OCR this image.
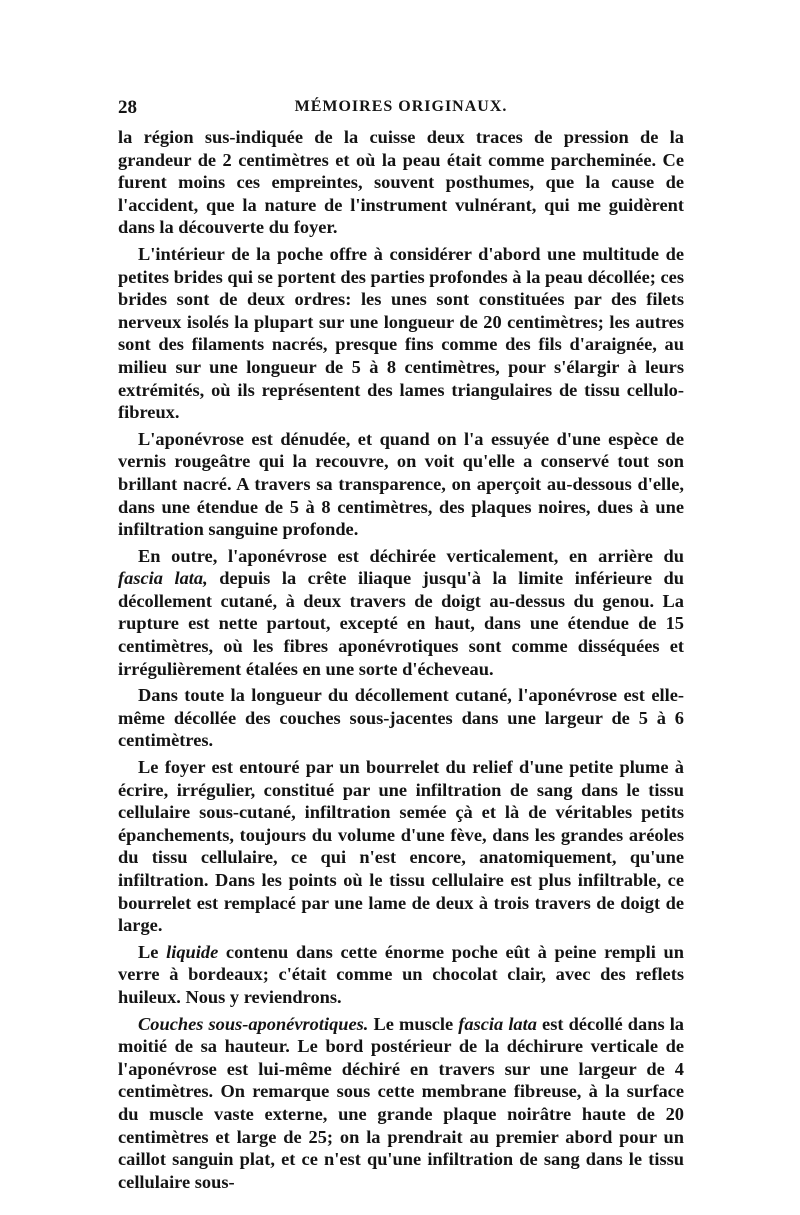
28	MÉMOIRES ORIGINAUX.

la région sus-indiquée de la cuisse deux traces de pression de la grandeur de 2 centimètres et où la peau était comme parcheminée. Ce furent moins ces empreintes, souvent posthumes, que la cause de l'accident, que la nature de l'instrument vulnérant, qui me guidèrent dans la découverte du foyer.

L'intérieur de la poche offre à considérer d'abord une multitude de petites brides qui se portent des parties profondes à la peau décollée; ces brides sont de deux ordres: les unes sont constituées par des filets nerveux isolés la plupart sur une longueur de 20 centimètres; les autres sont des filaments nacrés, presque fins comme des fils d'araignée, au milieu sur une longueur de 5 à 8 centimètres, pour s'élargir à leurs extrémités, où ils représentent des lames triangulaires de tissu cellulo-fibreux.

L'aponévrose est dénudée, et quand on l'a essuyée d'une espèce de vernis rougeâtre qui la recouvre, on voit qu'elle a conservé tout son brillant nacré. A travers sa transparence, on aperçoit au-dessous d'elle, dans une étendue de 5 à 8 centimètres, des plaques noires, dues à une infiltration sanguine profonde.

En outre, l'aponévrose est déchirée verticalement, en arrière du fascia lata, depuis la crête iliaque jusqu'à la limite inférieure du décollement cutané, à deux travers de doigt au-dessus du genou. La rupture est nette partout, excepté en haut, dans une étendue de 15 centimètres, où les fibres aponévrotiques sont comme disséquées et irrégulièrement étalées en une sorte d'écheveau.

Dans toute la longueur du décollement cutané, l'aponévrose est elle-même décollée des couches sous-jacentes dans une largeur de 5 à 6 centimètres.

Le foyer est entouré par un bourrelet du relief d'une petite plume à écrire, irrégulier, constitué par une infiltration de sang dans le tissu cellulaire sous-cutané, infiltration semée çà et là de véritables petits épanchements, toujours du volume d'une fève, dans les grandes aréoles du tissu cellulaire, ce qui n'est encore, anatomiquement, qu'une infiltration. Dans les points où le tissu cellulaire est plus infiltrable, ce bourrelet est remplacé par une lame de deux à trois travers de doigt de large.

Le liquide contenu dans cette énorme poche eût à peine rempli un verre à bordeaux; c'était comme un chocolat clair, avec des reflets huileux. Nous y reviendrons.

Couches sous-aponévrotiques. Le muscle fascia lata est décollé dans la moitié de sa hauteur. Le bord postérieur de la déchirure verticale de l'aponévrose est lui-même déchiré en travers sur une largeur de 4 centimètres. On remarque sous cette membrane fibreuse, à la surface du muscle vaste externe, une grande plaque noirâtre haute de 20 centimètres et large de 25; on la prendrait au premier abord pour un caillot sanguin plat, et ce n'est qu'une infiltration de sang dans le tissu cellulaire sous-
